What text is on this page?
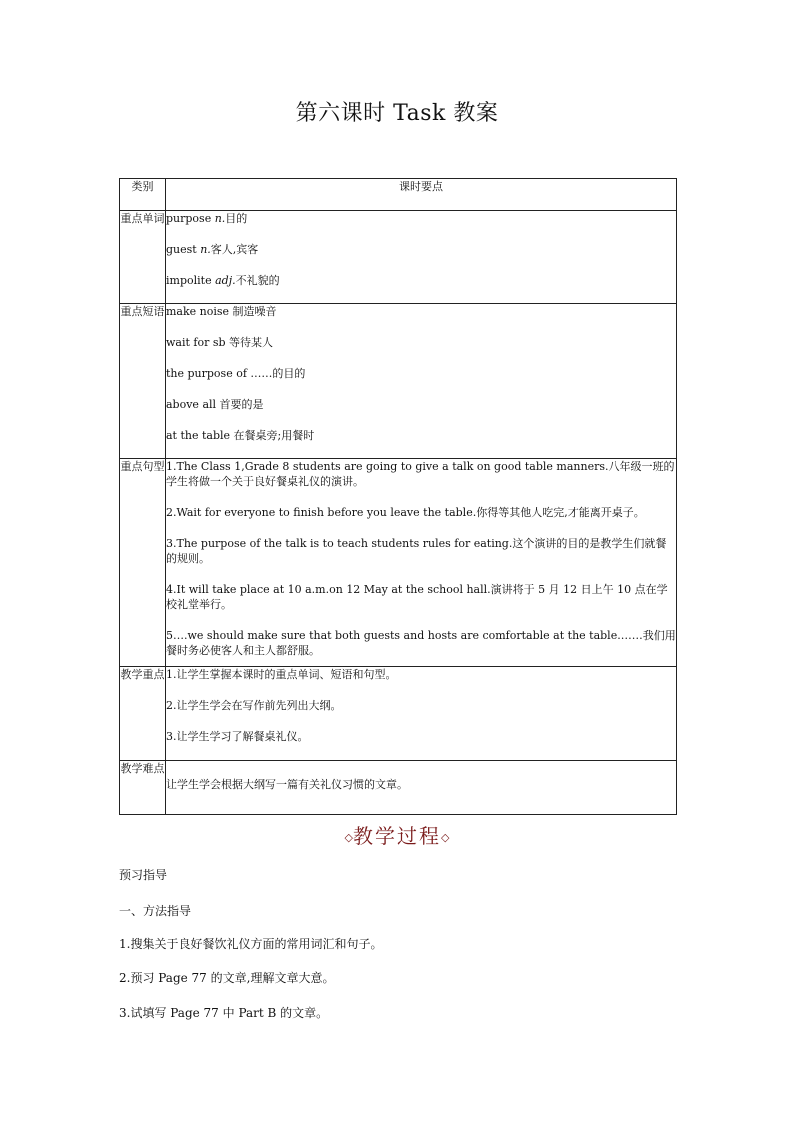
第六课时 Task 教案
类别	课时要点
重点单词	purpose n.目的
guest n.客人,宾客
impolite adj.不礼貌的

重点短语	make noise 制造噪音
wait for sb 等待某人
the purpose of ……的目的
above all 首要的是
at the table 在餐桌旁;用餐时

重点句型	1.The Class 1,Grade 8 students are going to give a talk on good table manners.八年级一班的学生将做一个关于良好餐桌礼仪的演讲。
2.Wait for everyone to finish before you leave the table.你得等其他人吃完,才能离开桌子。
3.The purpose of the talk is to teach students rules for eating.这个演讲的目的是教学生们就餐的规则。
4.It will take place at 10 a.m.on 12 May at the school hall.演讲将于 5 月 12 日上午 10 点在学校礼堂举行。
5….we should make sure that both guests and hosts are comfortable at the table.……我们用餐时务必使客人和主人都舒服。

教学重点	1.让学生掌握本课时的重点单词、短语和句型。
2.让学生学会在写作前先列出大纲。
3.让学生学习了解餐桌礼仪。

教学难点	让学生学会根据大纲写一篇有关礼仪习惯的文章。
◇教学过程◇
预习指导
一、方法指导
1.搜集关于良好餐饮礼仪方面的常用词汇和句子。
2.预习 Page 77 的文章,理解文章大意。
3.试填写 Page 77 中 Part B 的文章。
